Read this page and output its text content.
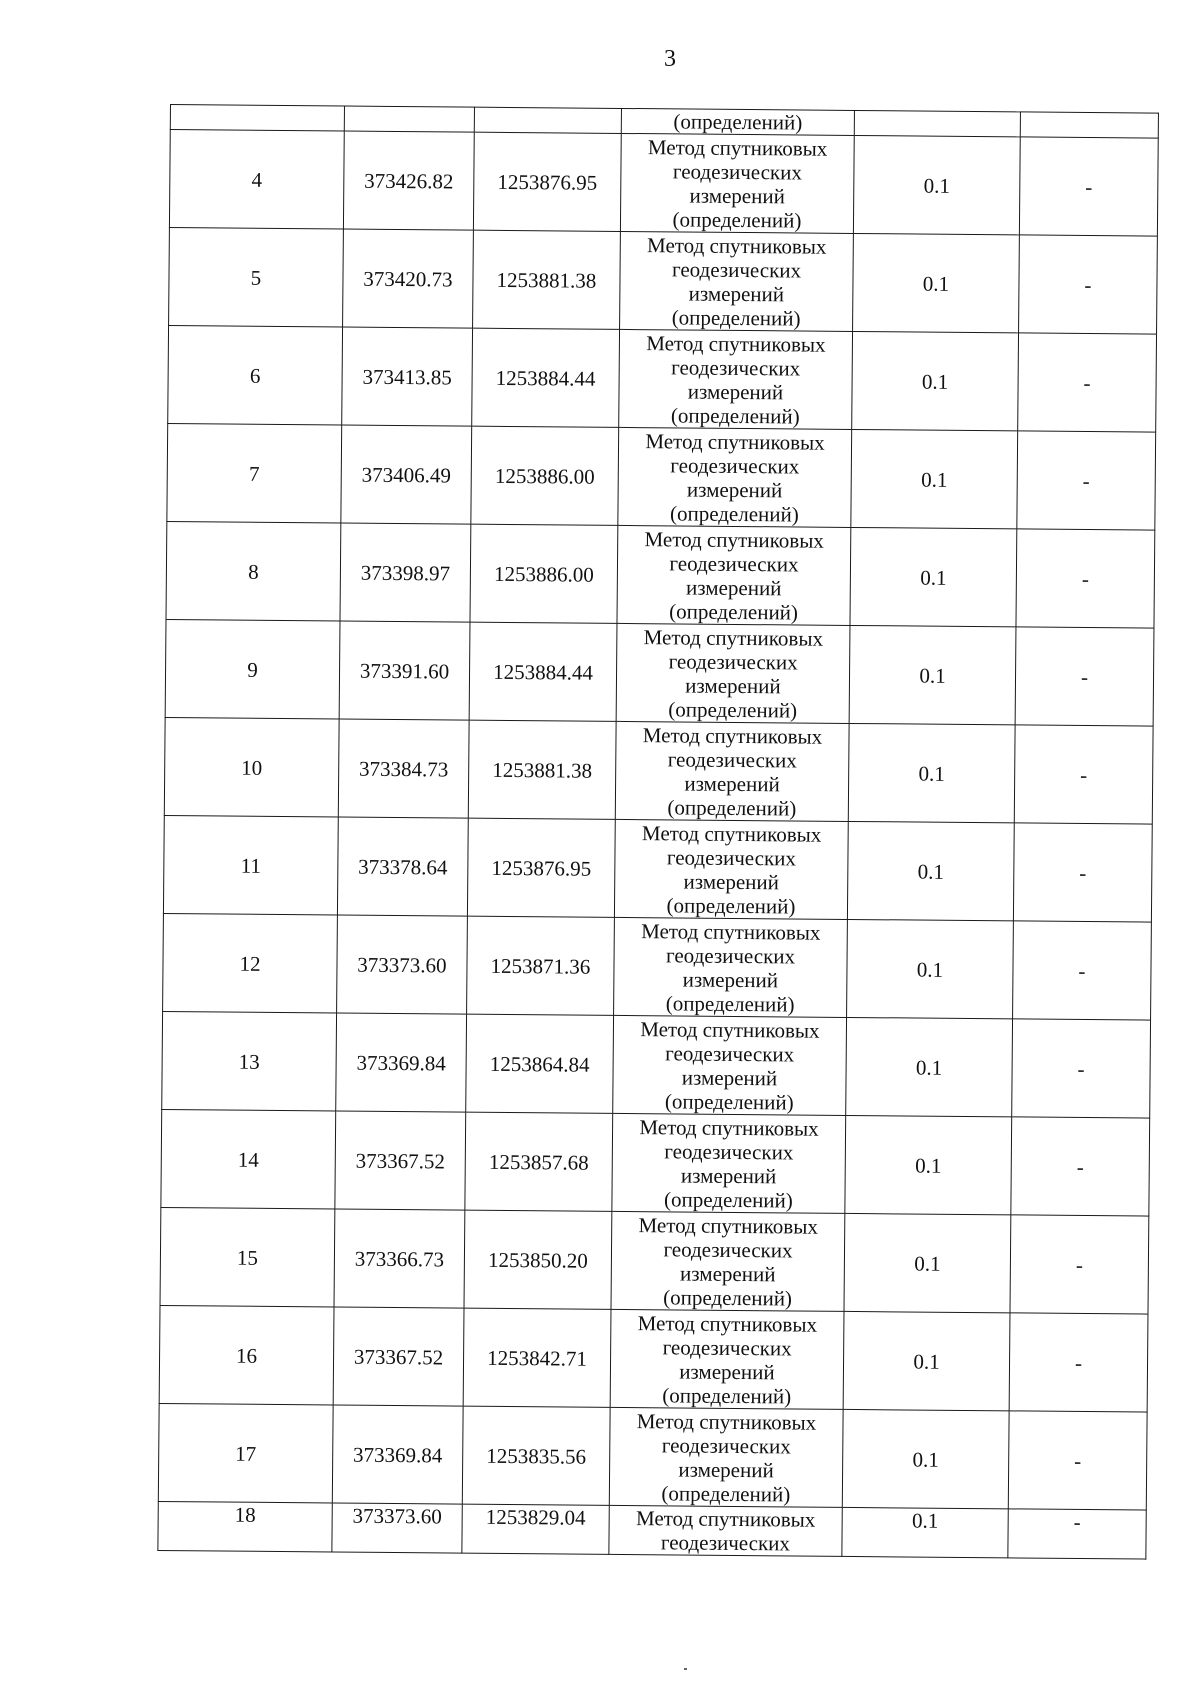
3
			(определений)		
4	373426.82	1253876.95	Метод спутниковых
геодезических
измерений
(определений)	0.1	-
5	373420.73	1253881.38	Метод спутниковых
геодезических
измерений
(определений)	0.1	-
6	373413.85	1253884.44	Метод спутниковых
геодезических
измерений
(определений)	0.1	-
7	373406.49	1253886.00	Метод спутниковых
геодезических
измерений
(определений)	0.1	-
8	373398.97	1253886.00	Метод спутниковых
геодезических
измерений
(определений)	0.1	-
9	373391.60	1253884.44	Метод спутниковых
геодезических
измерений
(определений)	0.1	-
10	373384.73	1253881.38	Метод спутниковых
геодезических
измерений
(определений)	0.1	-
11	373378.64	1253876.95	Метод спутниковых
геодезических
измерений
(определений)	0.1	-
12	373373.60	1253871.36	Метод спутниковых
геодезических
измерений
(определений)	0.1	-
13	373369.84	1253864.84	Метод спутниковых
геодезических
измерений
(определений)	0.1	-
14	373367.52	1253857.68	Метод спутниковых
геодезических
измерений
(определений)	0.1	-
15	373366.73	1253850.20	Метод спутниковых
геодезических
измерений
(определений)	0.1	-
16	373367.52	1253842.71	Метод спутниковых
геодезических
измерений
(определений)	0.1	-
17	373369.84	1253835.56	Метод спутниковых
геодезических
измерений
(определений)	0.1	-
18	373373.60	1253829.04	Метод спутниковых
геодезических	0.1	-
